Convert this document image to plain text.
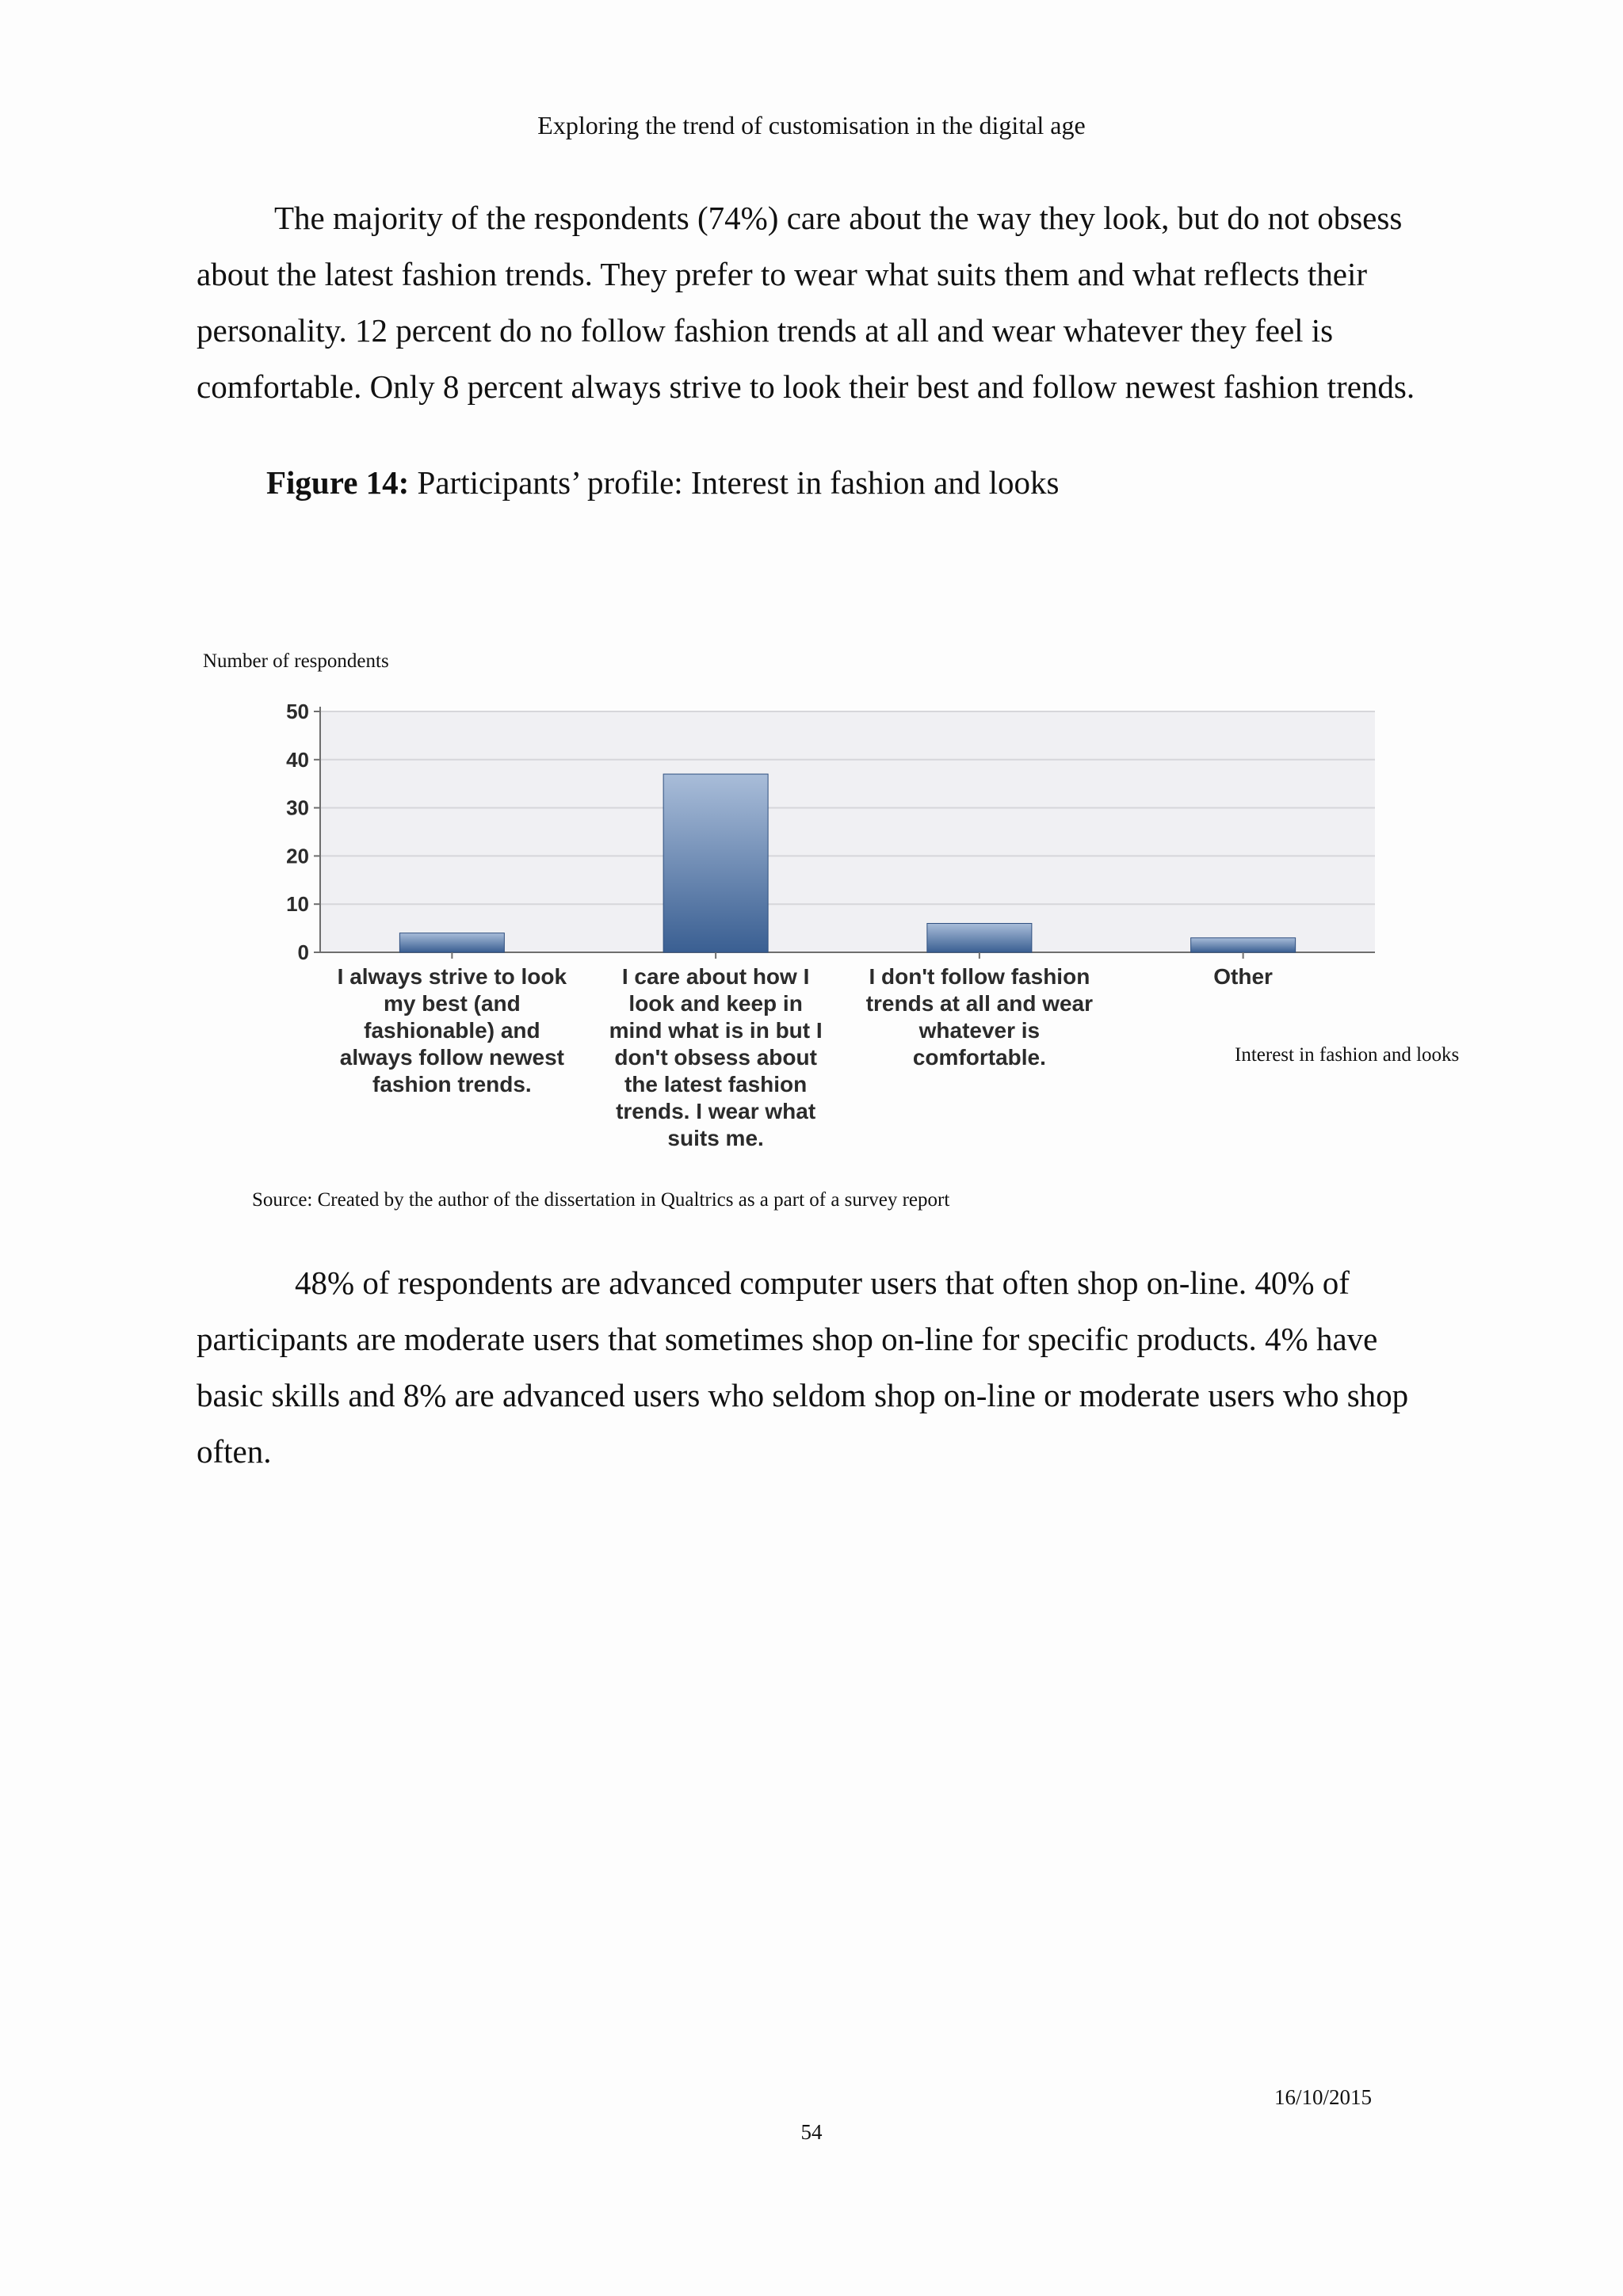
Exploring the trend of customisation in the digital age
The majority of the respondents (74%) care about the way they look, but do not obsess about the latest fashion trends. They prefer to wear what suits them and what reflects their personality. 12 percent do no follow fashion trends at all and wear whatever they feel is comfortable. Only 8 percent always strive to look their best and follow newest fashion trends.
Figure 14: Participants’ profile: Interest in fashion and looks
Number of respondents
0
10
20
30
40
50
I always strive to look my best (and fashionable) and always follow newest fashion trends.
I care about how I look and keep in mind what is in but I don't obsess about the latest fashion trends. I wear what suits me.
I don't follow fashion trends at all and wear whatever is comfortable.
Other
Interest in fashion and looks
Source: Created by the author of the dissertation in Qualtrics as a part of a survey report
48% of respondents are advanced computer users that often shop on-line. 40% of participants are moderate users that sometimes shop on-line for specific products. 4% have basic skills and 8% are advanced users who seldom shop on-line or moderate users who shop often.
16/10/2015
54
